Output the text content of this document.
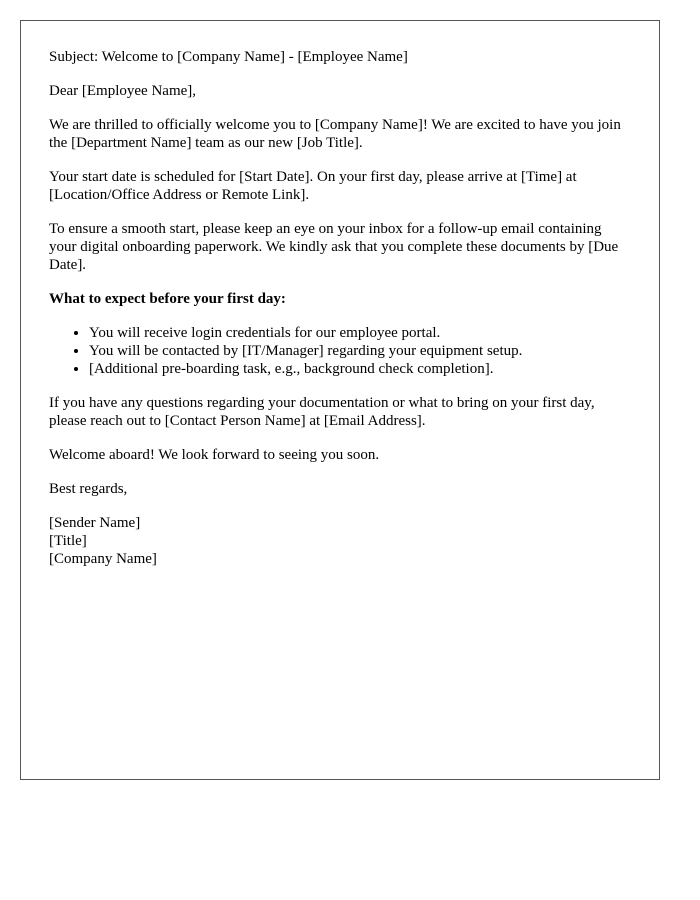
Subject: Welcome to [Company Name] - [Employee Name]

Dear [Employee Name],

We are thrilled to officially welcome you to [Company Name]! We are excited to have you join the [Department Name] team as our new [Job Title].

Your start date is scheduled for [Start Date]. On your first day, please arrive at [Time] at [Location/Office Address or Remote Link].

To ensure a smooth start, please keep an eye on your inbox for a follow-up email containing your digital onboarding paperwork. We kindly ask that you complete these documents by [Due Date].

What to expect before your first day:

• You will receive login credentials for our employee portal.
• You will be contacted by [IT/Manager] regarding your equipment setup.
• [Additional pre-boarding task, e.g., background check completion].

If you have any questions regarding your documentation or what to bring on your first day, please reach out to [Contact Person Name] at [Email Address].

Welcome aboard! We look forward to seeing you soon.

Best regards,

[Sender Name]
[Title]
[Company Name]
